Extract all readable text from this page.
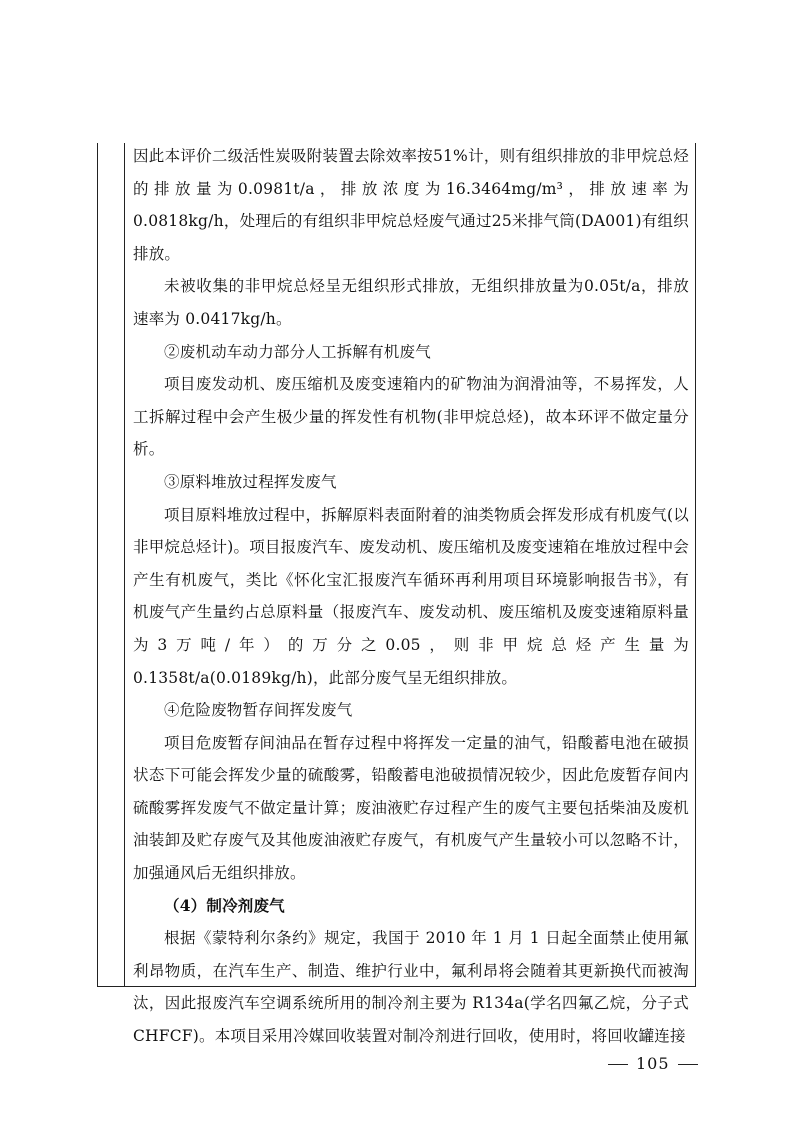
因此本评价二级活性炭吸附装置去除效率按51%计，则有组织排放的非甲烷总烃的排放量为0.0981t/a，排放浓度为16.3464mg/m³，排放速率为0.0818kg/h，处理后的有组织非甲烷总烃废气通过25米排气筒(DA001)有组织排放。

未被收集的非甲烷总烃呈无组织形式排放，无组织排放量为0.05t/a，排放速率为 0.0417kg/h。

②废机动车动力部分人工拆解有机废气

项目废发动机、废压缩机及废变速箱内的矿物油为润滑油等，不易挥发，人工拆解过程中会产生极少量的挥发性有机物(非甲烷总烃)，故本环评不做定量分析。

③原料堆放过程挥发废气

项目原料堆放过程中，拆解原料表面附着的油类物质会挥发形成有机废气(以非甲烷总烃计)。项目报废汽车、废发动机、废压缩机及废变速箱在堆放过程中会产生有机废气，类比《怀化宝汇报废汽车循环再利用项目环境影响报告书》，有机废气产生量约占总原料量（报废汽车、废发动机、废压缩机及废变速箱原料量为3万吨/年）的万分之0.05，则非甲烷总烃产生量为0.1358t/a(0.0189kg/h)，此部分废气呈无组织排放。

④危险废物暂存间挥发废气

项目危废暂存间油品在暂存过程中将挥发一定量的油气，铅酸蓄电池在破损状态下可能会挥发少量的硫酸雾，铅酸蓄电池破损情况较少，因此危废暂存间内硫酸雾挥发废气不做定量计算；废油液贮存过程产生的废气主要包括柴油及废机油装卸及贮存废气及其他废油液贮存废气，有机废气产生量较小可以忽略不计，加强通风后无组织排放。

（4）制冷剂废气

根据《蒙特利尔条约》规定，我国于 2010 年 1 月 1 日起全面禁止使用氟利昂物质，在汽车生产、制造、维护行业中，氟利昂将会随着其更新换代而被淘汰，因此报废汽车空调系统所用的制冷剂主要为 R134a(学名四氟乙烷，分子式CHFCF)。本项目采用冷媒回收装置对制冷剂进行回收，使用时，将回收罐连接

105
